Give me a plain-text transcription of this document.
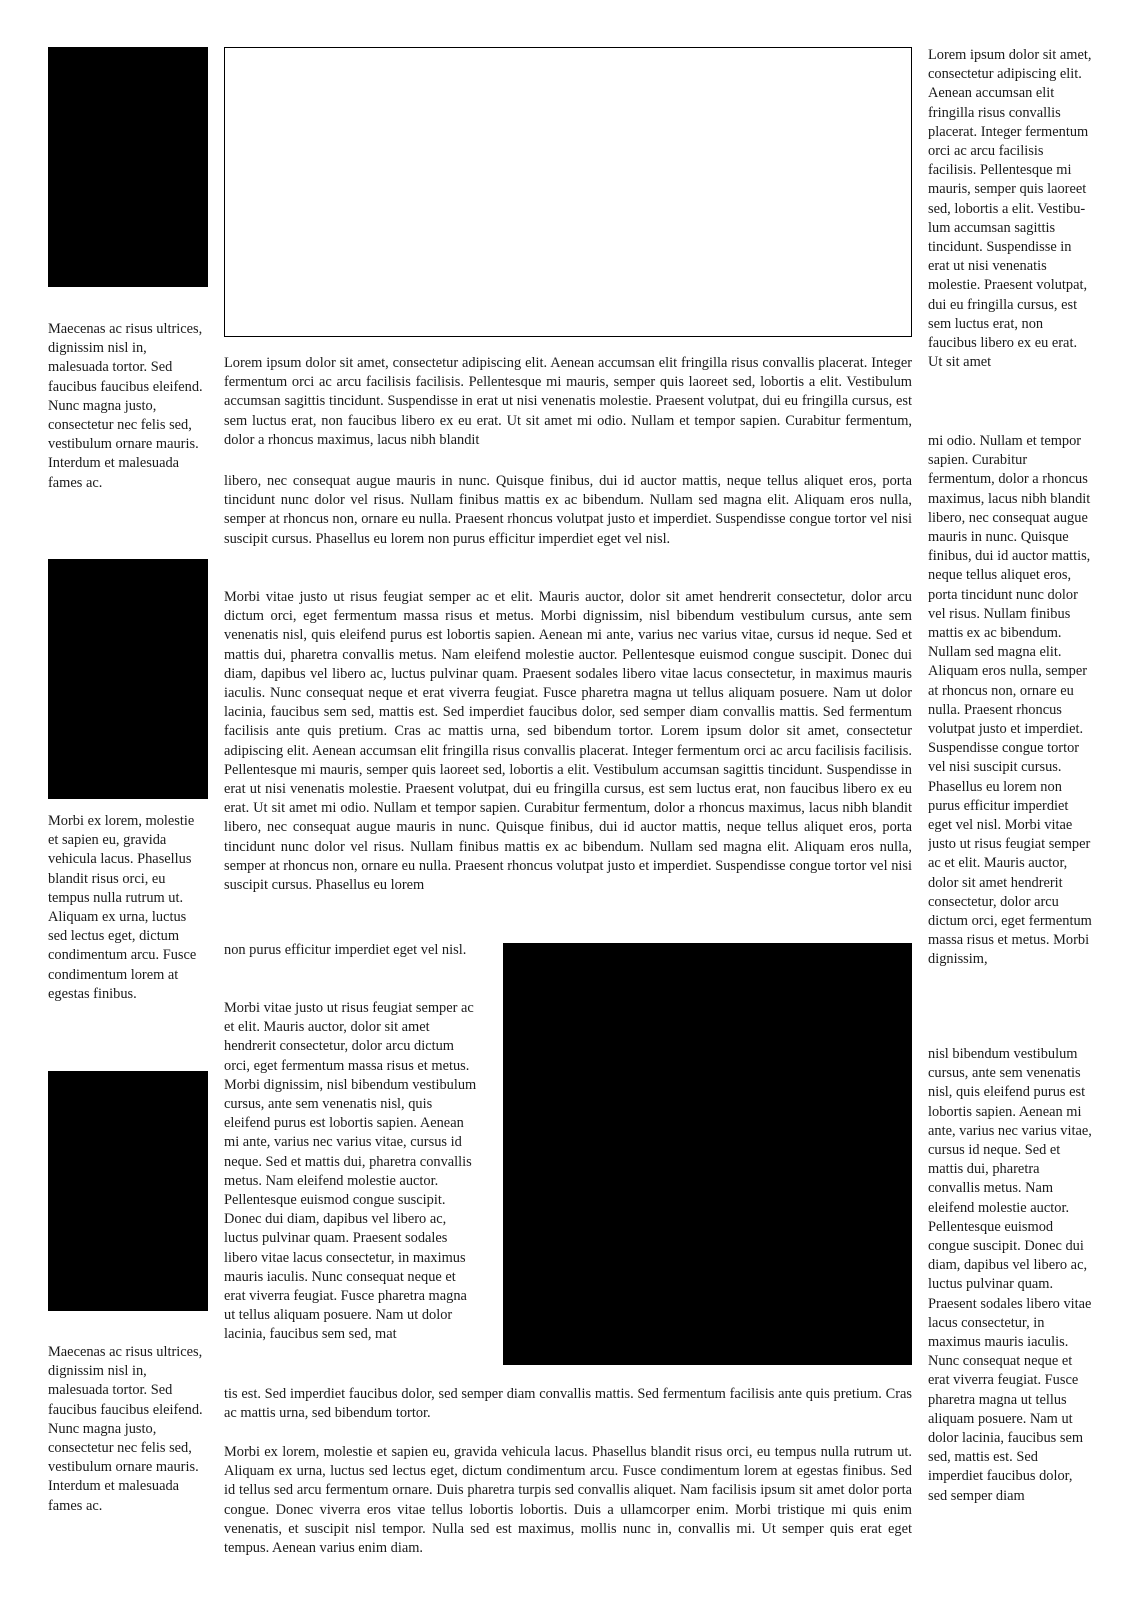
Maecenas ac risus ultrices, dignissim nisl in, malesuada tortor. Sed faucibus faucibus eleifend. Nunc magna justo, consectetur nec felis sed, vestibulum ornare mauris. Interdum et malesuada fames ac.

Morbi ex lorem, molestie et sapien eu, gravida vehicula lacus. Phasellus blandit risus orci, eu tempus nulla rutrum ut. Aliquam ex urna, luctus sed lectus eget, dictum condimentum arcu. Fusce condimentum lorem at egestas finibus.

Maecenas ac risus ultrices, dignissim nisl in, malesuada tortor. Sed faucibus faucibus eleifend. Nunc magna justo, consectetur nec felis sed, vestibulum ornare mauris. Interdum et malesuada fames ac.

Lorem ipsum dolor sit amet, consectetur adipiscing elit. Aenean accumsan elit fringilla risus convallis placerat. Integer fermentum orci ac arcu facilisis facilisis. Pellentesque mi mauris, semper quis laoreet sed, lobortis a elit. Vestibulum accumsan sagittis tincidunt. Suspendisse in erat ut nisi venenatis molestie. Praesent volutpat, dui eu fringilla cursus, est sem luctus erat, non faucibus libero ex eu erat. Ut sit amet mi odio. Nullam et tempor sapien. Curabitur fermentum, dolor a rhoncus maximus, lacus nibh blandit

libero, nec consequat augue mauris in nunc. Quisque finibus, dui id auctor mattis, neque tellus aliquet eros, porta tincidunt nunc dolor vel risus. Nullam finibus mattis ex ac bibendum. Nullam sed magna elit. Aliquam eros nulla, semper at rhoncus non, ornare eu nulla. Praesent rhoncus volutpat justo et imperdiet. Suspendisse congue tortor vel nisi suscipit cursus. Phasellus eu lorem non purus efficitur imperdiet eget vel nisl.

Morbi vitae justo ut risus feugiat semper ac et elit. Mauris auctor, dolor sit amet hendrerit consectetur, dolor arcu dictum orci, eget fermentum massa risus et metus. Morbi dignissim, nisl bibendum vestibulum cursus, ante sem venenatis nisl, quis eleifend purus est lobortis sapien. Aenean mi ante, varius nec varius vitae, cursus id neque. Sed et mattis dui, pharetra convallis metus. Nam eleifend molestie auctor. Pellentesque euismod congue suscipit. Donec dui diam, dapibus vel libero ac, luctus pulvinar quam. Praesent sodales libero vitae lacus consectetur, in maximus mauris iaculis. Nunc consequat neque et erat viverra feugiat. Fusce pharetra magna ut tellus aliquam posuere. Nam ut dolor lacinia, faucibus sem sed, mattis est. Sed imperdiet faucibus dolor, sed semper diam convallis mattis. Sed fermentum facilisis ante quis pretium. Cras ac mattis urna, sed bibendum tortor. Lorem ipsum dolor sit amet, consectetur adipiscing elit. Aenean accumsan elit fringilla risus convallis placerat. Integer fermentum orci ac arcu facilisis facilisis. Pellentesque mi mauris, semper quis laoreet sed, lobortis a elit. Vestibulum accumsan sagittis tincidunt. Suspendisse in erat ut nisi venenatis molestie. Praesent volutpat, dui eu fringilla cursus, est sem luctus erat, non faucibus libero ex eu erat. Ut sit amet mi odio. Nullam et tempor sapien. Curabitur fermentum, dolor a rhoncus maximus, lacus nibh blandit libero, nec consequat augue mauris in nunc. Quisque finibus, dui id auctor mattis, neque tellus aliquet eros, porta tincidunt nunc dolor vel risus. Nullam finibus mattis ex ac bibendum. Nullam sed magna elit. Aliquam eros nulla, semper at rhoncus non, ornare eu nulla. Praesent rhoncus volutpat justo et imperdiet. Suspendisse congue tortor vel nisi suscipit cursus. Phasellus eu lorem

non purus efficitur imperdiet eget vel nisl.

Morbi vitae justo ut risus feugiat semper ac et elit. Mauris auctor, dolor sit amet hendrerit consectetur, dolor arcu dictum orci, eget fermentum massa risus et metus. Morbi dignissim, nisl bibendum vestibulum cursus, ante sem venenatis nisl, quis eleifend purus est lobortis sapien. Aenean mi ante, varius nec varius vitae, cursus id neque. Sed et mattis dui, pharetra convallis metus. Nam eleifend molestie auctor. Pellentesque euismod congue suscipit. Donec dui diam, dapibus vel libero ac, luctus pulvinar quam. Praesent sodales libero vitae lacus consectetur, in maximus mauris iaculis. Nunc consequat neque et erat viverra feugiat. Fusce pharetra magna ut tellus aliquam posuere. Nam ut dolor lacinia, faucibus sem sed, mat

tis est. Sed imperdiet faucibus dolor, sed semper diam convallis mattis. Sed fermentum facilisis ante quis pretium. Cras ac mattis urna, sed bibendum tortor.

Morbi ex lorem, molestie et sapien eu, gravida vehicula lacus. Phasellus blandit risus orci, eu tempus nulla rutrum ut. Aliquam ex urna, luctus sed lectus eget, dictum condimentum arcu. Fusce condimentum lorem at egestas finibus. Sed id tellus sed arcu fermentum ornare. Duis pharetra turpis sed convallis aliquet. Nam facilisis ipsum sit amet dolor porta congue. Donec viverra eros vitae tellus lobortis lobortis. Duis a ullamcorper enim. Morbi tristique mi quis enim venenatis, et suscipit nisl tempor. Nulla sed est maximus, mollis nunc in, convallis mi. Ut semper quis erat eget tempus. Aenean varius enim diam.

Lorem ipsum dolor sit amet, consectetur adipiscing elit. Aenean accumsan elit fringilla risus convallis placerat. Integer fermentum orci ac arcu facilisis facilisis. Pellentesque mi mauris, semper quis laoreet sed, lobortis a elit. Vestibulum accumsan sagittis tincidunt. Suspendisse in erat ut nisi venenatis molestie. Praesent volutpat, dui eu fringilla cursus, est sem luctus erat, non faucibus libero ex eu erat. Ut sit amet

mi odio. Nullam et tempor sapien. Curabitur fermentum, dolor a rhoncus maximus, lacus nibh blandit libero, nec consequat augue mauris in nunc. Quisque finibus, dui id auctor mattis, neque tellus aliquet eros, porta tincidunt nunc dolor vel risus. Nullam finibus mattis ex ac bibendum. Nullam sed magna elit. Aliquam eros nulla, semper at rhoncus non, ornare eu nulla. Praesent rhoncus volutpat justo et imperdiet. Suspendisse congue tortor vel nisi suscipit cursus. Phasellus eu lorem non purus efficitur imperdiet eget vel nisl. Morbi vitae justo ut risus feugiat semper ac et elit. Mauris auctor, dolor sit amet hendrerit consectetur, dolor arcu dictum orci, eget fermentum massa risus et metus. Morbi dignissim,

nisl bibendum vestibulum cursus, ante sem venenatis nisl, quis eleifend purus est lobortis sapien. Aenean mi ante, varius nec varius vitae, cursus id neque. Sed et mattis dui, pharetra convallis metus. Nam eleifend molestie auctor. Pellentesque euismod congue suscipit. Donec dui diam, dapibus vel libero ac, luctus pulvinar quam. Praesent sodales libero vitae lacus consectetur, in maximus mauris iaculis. Nunc consequat neque et erat viverra feugiat. Fusce pharetra magna ut tellus aliquam posuere. Nam ut dolor lacinia, faucibus sem sed, mattis est. Sed imperdiet faucibus dolor, sed semper diam
